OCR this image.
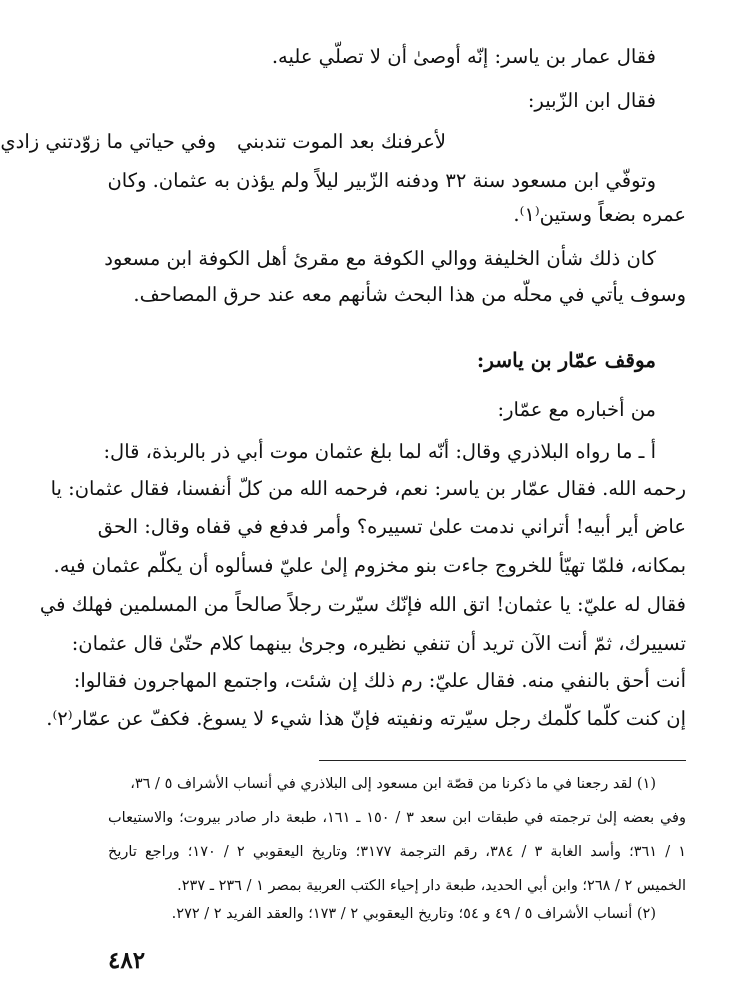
فقال عمار بن ياسر: إنّه أوصىٰ أن لا تصلّي عليه.
فقال ابن الزّبير:
لأعرفنك بعد الموت تندبني
وفي حياتي ما زوّدتني زادي
وتوفّي ابن مسعود سنة ٣٢ ودفنه الزّبير ليلاً ولم يؤذن به عثمان. وكان
عمره بضعاً وستين⁽١⁾.
كان ذلك شأن الخليفة ووالي الكوفة مع مقرئ أهل الكوفة ابن مسعود
وسوف يأتي في محلّه من هذا البحث شأنهم معه عند حرق المصاحف.
موقف عمّار بن ياسر:
من أخباره مع عمّار:
أ ـ ما رواه البلاذري وقال: أنّه لما بلغ عثمان موت أبي ذر بالربذة، قال:
رحمه الله. فقال عمّار بن ياسر: نعم، فرحمه الله من كلّ أنفسنا، فقال عثمان: يا
عاض أير أبيه! أتراني ندمت علىٰ تسييره؟ وأمر فدفع في قفاه وقال: الحق
بمكانه، فلمّا تهيّأ للخروج جاءت بنو مخزوم إلىٰ عليّ فسألوه أن يكلّم عثمان فيه.
فقال له عليّ: يا عثمان! اتق الله فإنّك سيّرت رجلاً صالحاً من المسلمين فهلك في
تسييرك، ثمّ أنت الآن تريد أن تنفي نظيره، وجرىٰ بينهما كلام حتّىٰ قال عثمان:
أنت أحق بالنفي منه. فقال عليّ: رم ذلك إن شئت، واجتمع المهاجرون فقالوا:
إن كنت كلّما كلّمك رجل سيّرته ونفيته فإنّ هذا شيء لا يسوغ. فكفّ عن عمّار⁽٢⁾.
(١) لقد رجعنا في ما ذكرنا من قصّة ابن مسعود إلى البلاذري في أنساب الأشراف ٥ / ٣٦،
وفي بعضه إلىٰ ترجمته في طبقات ابن سعد ٣ / ١٥٠ ـ ١٦١، طبعة دار صادر بيروت؛ والاستيعاب
١ / ٣٦١؛ وأسد الغابة ٣ / ٣٨٤، رقم الترجمة ٣١٧٧؛ وتاريخ اليعقوبي ٢ / ١٧٠؛ وراجع تاريخ
الخميس ٢ / ٢٦٨؛ وابن أبي الحديد، طبعة دار إحياء الكتب العربية بمصر ١ / ٢٣٦ ـ ٢٣٧.
(٢) أنساب الأشراف ٥ / ٤٩ و ٥٤؛ وتاريخ اليعقوبي ٢ / ١٧٣؛ والعقد الفريد ٢ / ٢٧٢.
٤٨٢
